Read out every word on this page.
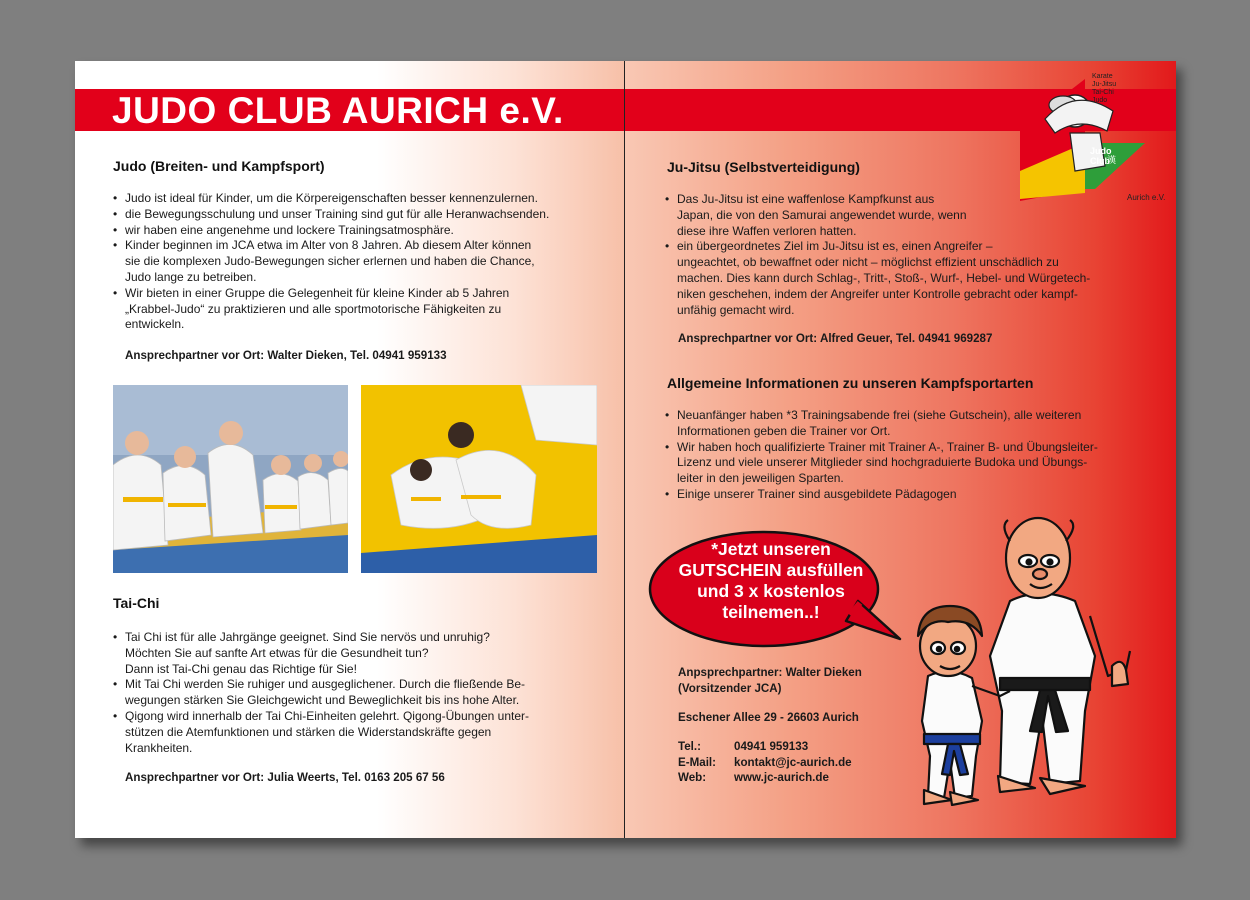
JUDO CLUB AURICH e.V.
漢
Karate
Ju-Jitsu
Tai-Chi
Judo
Judo
Club
Aurich e.V.
Judo (Breiten- und Kampfsport)
• Judo ist ideal für Kinder, um die Körpereigenschaften besser kennenzulernen.
• die Bewegungsschulung und unser Training sind gut für alle Heranwachsenden.
• wir haben eine angenehme und lockere Trainingsatmosphäre.
• Kinder beginnen im JCA etwa im Alter von 8 Jahren. Ab diesem Alter können
sie die komplexen Judo-Bewegungen sicher erlernen und haben die Chance,
Judo lange zu betreiben.
• Wir bieten in einer Gruppe die Gelegenheit für kleine Kinder ab 5 Jahren
„Krabbel-Judo“ zu praktizieren und alle sportmotorische Fähigkeiten zu
entwickeln.
Ansprechpartner vor Ort: Walter Dieken, Tel. 04941 959133
Tai-Chi
• Tai Chi ist für alle Jahrgänge geeignet. Sind Sie nervös und unruhig?
Möchten Sie auf sanfte Art etwas für die Gesundheit tun?
Dann ist Tai-Chi genau das Richtige für Sie!
• Mit Tai Chi werden Sie ruhiger und ausgeglichener. Durch die fließende Be-
wegungen stärken Sie Gleichgewicht und Beweglichkeit bis ins hohe Alter.
• Qigong wird innerhalb der Tai Chi-Einheiten gelehrt. Qigong-Übungen unter-
stützen die Atemfunktionen und stärken die Widerstandskräfte gegen
Krankheiten.
Ansprechpartner vor Ort: Julia Weerts, Tel. 0163 205 67 56
Ju-Jitsu (Selbstverteidigung)
• Das Ju-Jitsu ist eine waffenlose Kampfkunst aus
Japan, die von den Samurai angewendet wurde, wenn
diese ihre Waffen verloren hatten.
• ein übergeordnetes Ziel im Ju-Jitsu ist es, einen Angreifer –
ungeachtet, ob bewaffnet oder nicht – möglichst effizient unschädlich zu
machen. Dies kann durch Schlag-, Tritt-, Stoß-, Wurf-, Hebel- und Würgetech-
niken geschehen, indem der Angreifer unter Kontrolle gebracht oder kampf-
unfähig gemacht wird.
Ansprechpartner vor Ort: Alfred Geuer, Tel. 04941 969287
Allgemeine Informationen zu unseren Kampfsportarten
• Neuanfänger haben *3 Trainingsabende frei (siehe Gutschein), alle weiteren
Informationen geben die Trainer vor Ort.
• Wir haben hoch qualifizierte Trainer mit Trainer A-, Trainer B- und Übungsleiter-
Lizenz und viele unserer Mitglieder sind hochgraduierte Budoka und Übungs-
leiter in den jeweiligen Sparten.
• Einige unserer Trainer sind ausgebildete Pädagogen
*Jetzt unseren
GUTSCHEIN ausfüllen
und 3 x kostenlos
teilnemen..!
Anpsprechpartner: Walter Dieken
(Vorsitzender JCA)
Eschener Allee 29 - 26603 Aurich
Tel.:	04941 959133
E-Mail: kontakt@jc-aurich.de
Web: www.jc-aurich.de
